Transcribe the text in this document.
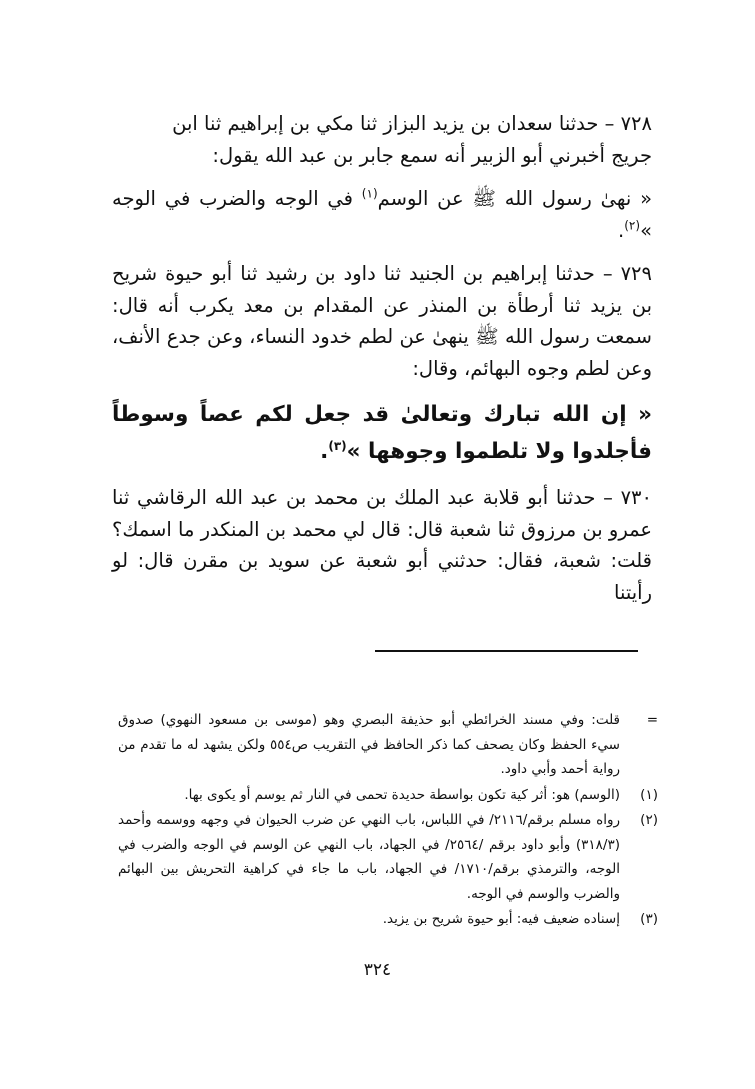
٧٢٨ – حدثنا سعدان بن يزيد البزاز ثنا مكي بن إبراهيم ثنا ابن
جريج أخبرني أبو الزبير أنه سمع جابر بن عبد الله يقول:

« نهىٰ رسول الله ﷺ عن الوسم$^{(١)}$ في الوجه والضرب في الوجه »$^{(٢)}$.

٧٢٩ – حدثنا إبراهيم بن الجنيد ثنا داود بن رشيد ثنا أبو حيوة شريح بن يزيد ثنا أرطأة بن المنذر عن المقدام بن معد يكرب أنه قال: سمعت رسول الله ﷺ ينهىٰ عن لطم خدود النساء، وعن جدع الأنف، وعن لطم وجوه البهائم، وقال:

« إن الله تبارك وتعالىٰ قد جعل لكم عصاً وسوطاً فأجلدوا ولا تلطموا وجوهها »$^{(٣)}$.

٧٣٠ – حدثنا أبو قلابة عبد الملك بن محمد بن عبد الله الرقاشي ثنا عمرو بن مرزوق ثنا شعبة قال: قال لي محمد بن المنكدر ما اسمك؟ قلت: شعبة، فقال: حدثني أبو شعبة عن سويد بن مقرن قال: لو رأيتنا

=
قلت: وفي مسند الخرائطي أبو حذيفة البصري وهو (موسى بن مسعود النهوي) صدوق سيء الحفظ وكان يصحف كما ذكر الحافظ في التقريب ص٥٥٤ ولكن يشهد له ما تقدم من رواية أحمد وأبي داود.
(١)
(الوسم) هو: أثر كية تكون بواسطة حديدة تحمى في النار ثم يوسم أو يكوى بها.
(٢)
رواه مسلم برقم/٢١١٦/ في اللباس، باب النهي عن ضرب الحيوان في وجهه ووسمه وأحمد (٣١٨/٣) وأبو داود برقم /٢٥٦٤/ في الجهاد، باب النهي عن الوسم في الوجه والضرب في الوجه، والترمذي برقم/١٧١٠/ في الجهاد، باب ما جاء في كراهية التحريش بين البهائم والضرب والوسم في الوجه.
(٣)
إسناده ضعيف فيه: أبو حيوة شريح بن يزيد.
٣٢٤
